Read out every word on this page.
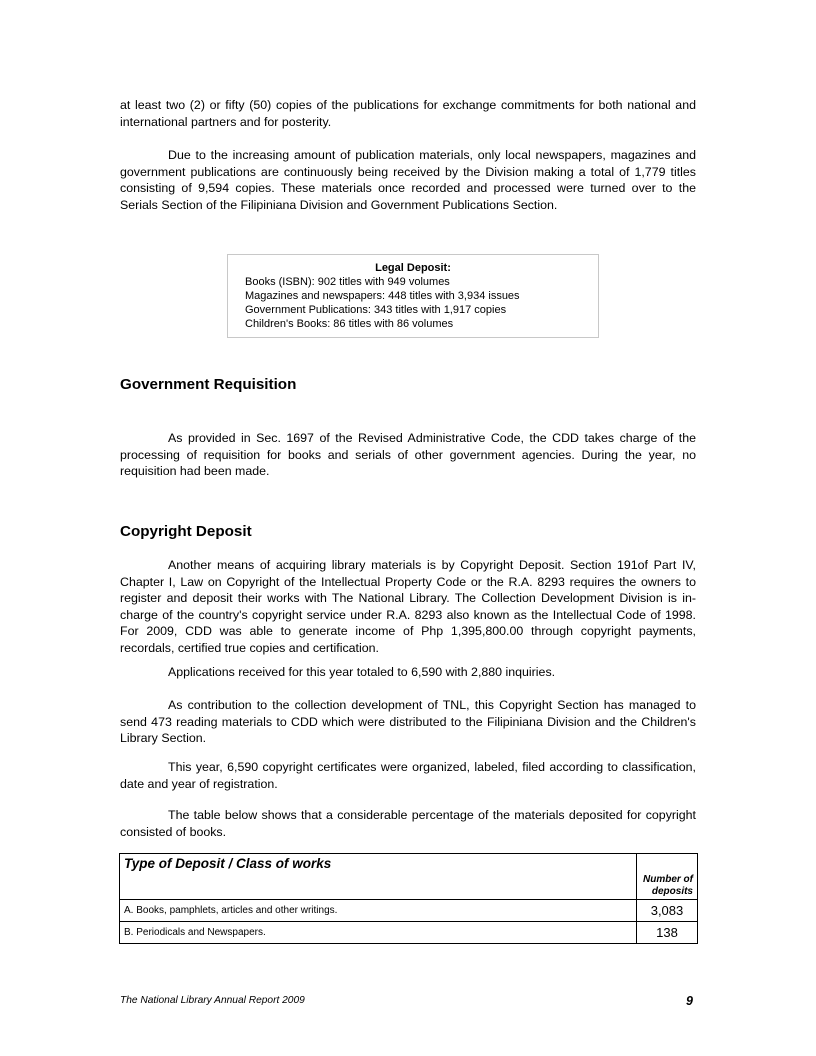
at least two (2) or fifty (50) copies of the publications for exchange commitments for both national and international partners and for posterity.

Due to the increasing amount of publication materials, only local newspapers, magazines and government publications are continuously being received by the Division making a total of 1,779 titles consisting of 9,594 copies. These materials once recorded and processed were turned over to the Serials Section of the Filipiniana Division and Government Publications Section.

Legal Deposit:
Books (ISBN): 902 titles with 949 volumes
Magazines and newspapers: 448 titles with 3,934 issues
Government Publications: 343 titles with 1,917 copies
Children's Books: 86 titles with 86 volumes
Government Requisition

As provided in Sec. 1697 of the Revised Administrative Code, the CDD takes charge of the processing of requisition for books and serials of other government agencies. During the year, no requisition had been made.

Copyright Deposit

Another means of acquiring library materials is by Copyright Deposit. Section 191of Part IV, Chapter I, Law on Copyright of the Intellectual Property Code or the R.A. 8293 requires the owners to register and deposit their works with The National Library. The Collection Development Division is in-charge of the country's copyright service under R.A. 8293 also known as the Intellectual Code of 1998. For 2009, CDD was able to generate income of Php 1,395,800.00 through copyright payments, recordals, certified true copies and certification.

Applications received for this year totaled to 6,590 with 2,880 inquiries.

As contribution to the collection development of TNL, this Copyright Section has managed to send 473 reading materials to CDD which were distributed to the Filipiniana Division and the Children's Library Section.

This year, 6,590 copyright certificates were organized, labeled, filed according to classification, date and year of registration.

The table below shows that a considerable percentage of the materials deposited for copyright consisted of books.

Type of Deposit / Class of works	Number of deposits
A. Books, pamphlets, articles and other writings.	3,083
B. Periodicals and Newspapers.	138
The National Library Annual Report 2009	9
